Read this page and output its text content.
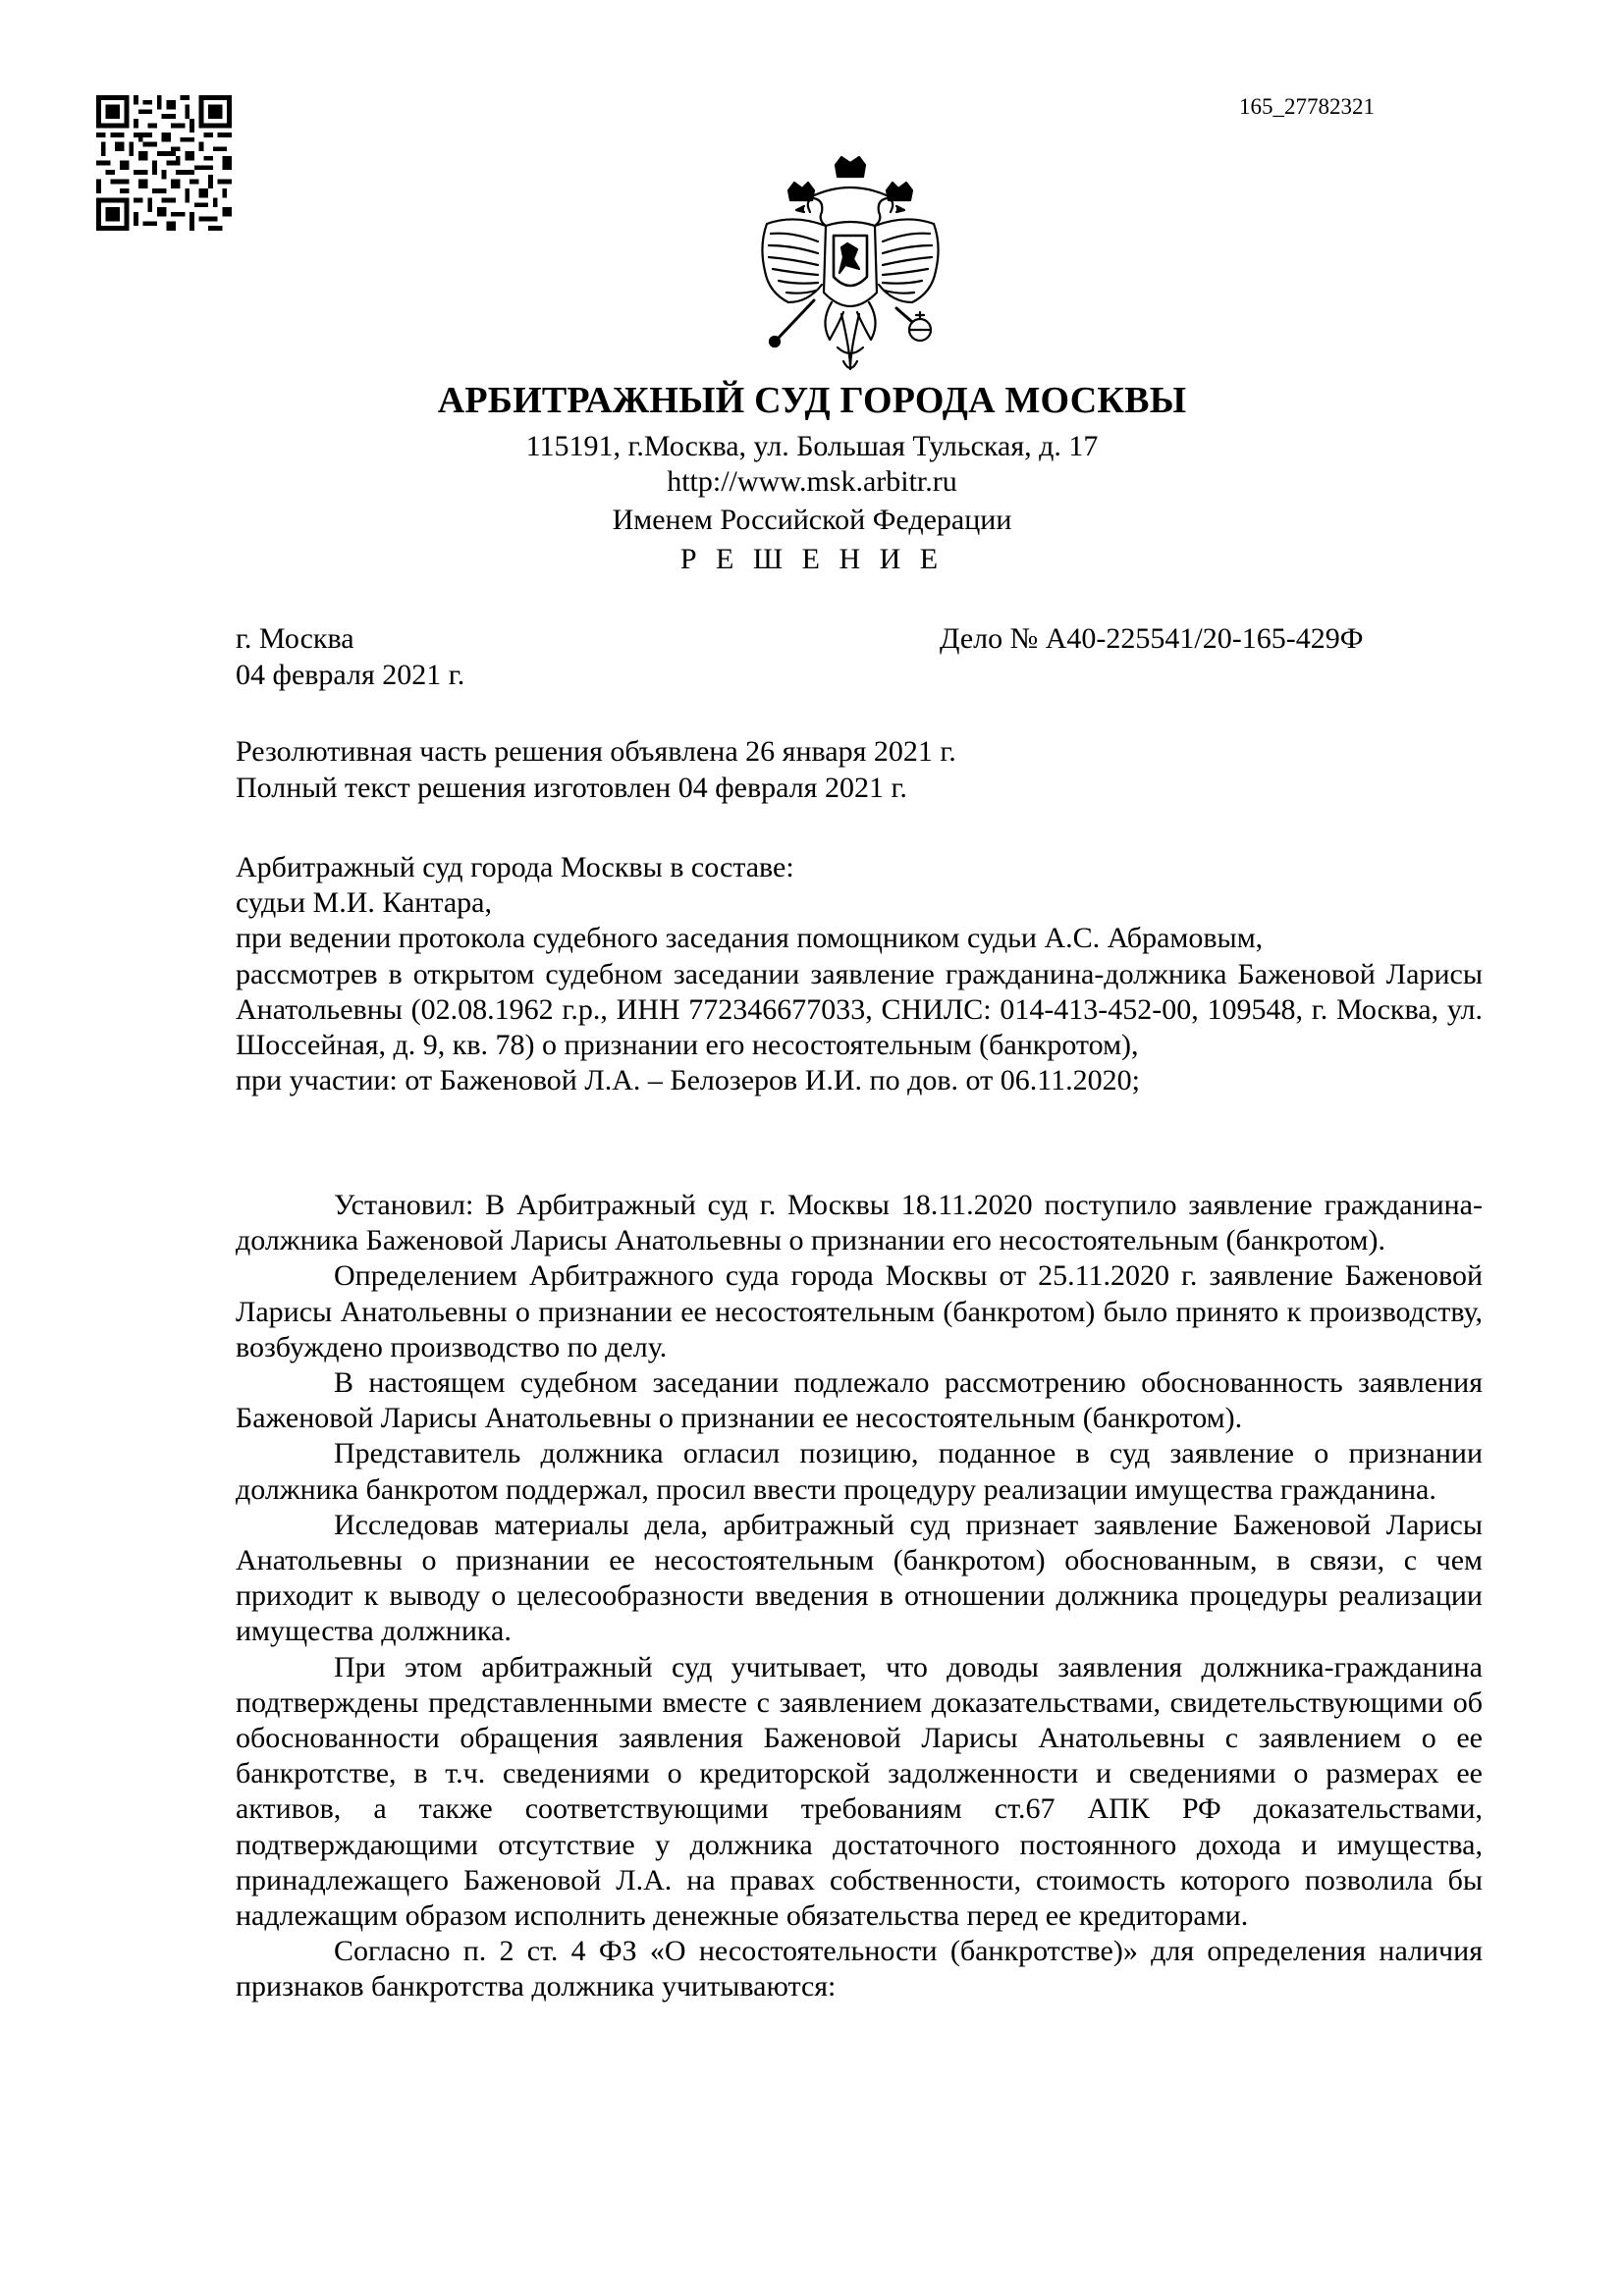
165_27782321
АРБИТРАЖНЫЙ СУД ГОРОДА МОСКВЫ
115191, г.Москва, ул. Большая Тульская, д. 17
http://www.msk.arbitr.ru
Именем Российской Федерации
Р Е Ш Е Н И Е
г. Москва	Дело № А40-225541/20-165-429Ф
04 февраля 2021 г.
Резолютивная часть решения объявлена 26 января 2021 г.
Полный текст решения изготовлен 04 февраля 2021 г.

Арбитражный суд города Москвы в составе:

судьи М.И. Кантара,

при ведении протокола судебного заседания помощником судьи А.С. Абрамовым,

рассмотрев в открытом судебном заседании заявление гражданина-должника Баженовой Ларисы Анатольевны (02.08.1962 г.р., ИНН 772346677033, СНИЛС: 014-413-452-00, 109548, г. Москва, ул. Шоссейная, д. 9, кв. 78) о признании его несостоятельным (банкротом),

при участии: от Баженовой Л.А. – Белозеров И.И. по дов. от 06.11.2020;

Установил: В Арбитражный суд г. Москвы 18.11.2020 поступило заявление гражданина-должника Баженовой Ларисы Анатольевны о признании его несостоятельным (банкротом).

Определением Арбитражного суда города Москвы от 25.11.2020 г. заявление Баженовой Ларисы Анатольевны о признании ее несостоятельным (банкротом) было принято к производству, возбуждено производство по делу.

В настоящем судебном заседании подлежало рассмотрению обоснованность заявления Баженовой Ларисы Анатольевны о признании ее несостоятельным (банкротом).

Представитель должника огласил позицию, поданное в суд заявление о признании должника банкротом поддержал, просил ввести процедуру реализации имущества гражданина.

Исследовав материалы дела, арбитражный суд признает заявление Баженовой Ларисы Анатольевны о признании ее несостоятельным (банкротом) обоснованным, в связи, с чем приходит к выводу о целесообразности введения в отношении должника процедуры реализации имущества должника.

При этом арбитражный суд учитывает, что доводы заявления должника-гражданина подтверждены представленными вместе с заявлением доказательствами, свидетельствующими об обоснованности обращения заявления Баженовой Ларисы Анатольевны с заявлением о ее банкротстве, в т.ч. сведениями о кредиторской задолженности и сведениями о размерах ее активов, а также соответствующими требованиям ст.67 АПК РФ доказательствами, подтверждающими отсутствие у должника достаточного постоянного дохода и имущества, принадлежащего Баженовой Л.А. на правах собственности, стоимость которого позволила бы надлежащим образом исполнить денежные обязательства перед ее кредиторами.

Согласно п. 2 ст. 4 ФЗ «О несостоятельности (банкротстве)» для определения наличия признаков банкротства должника учитываются:
